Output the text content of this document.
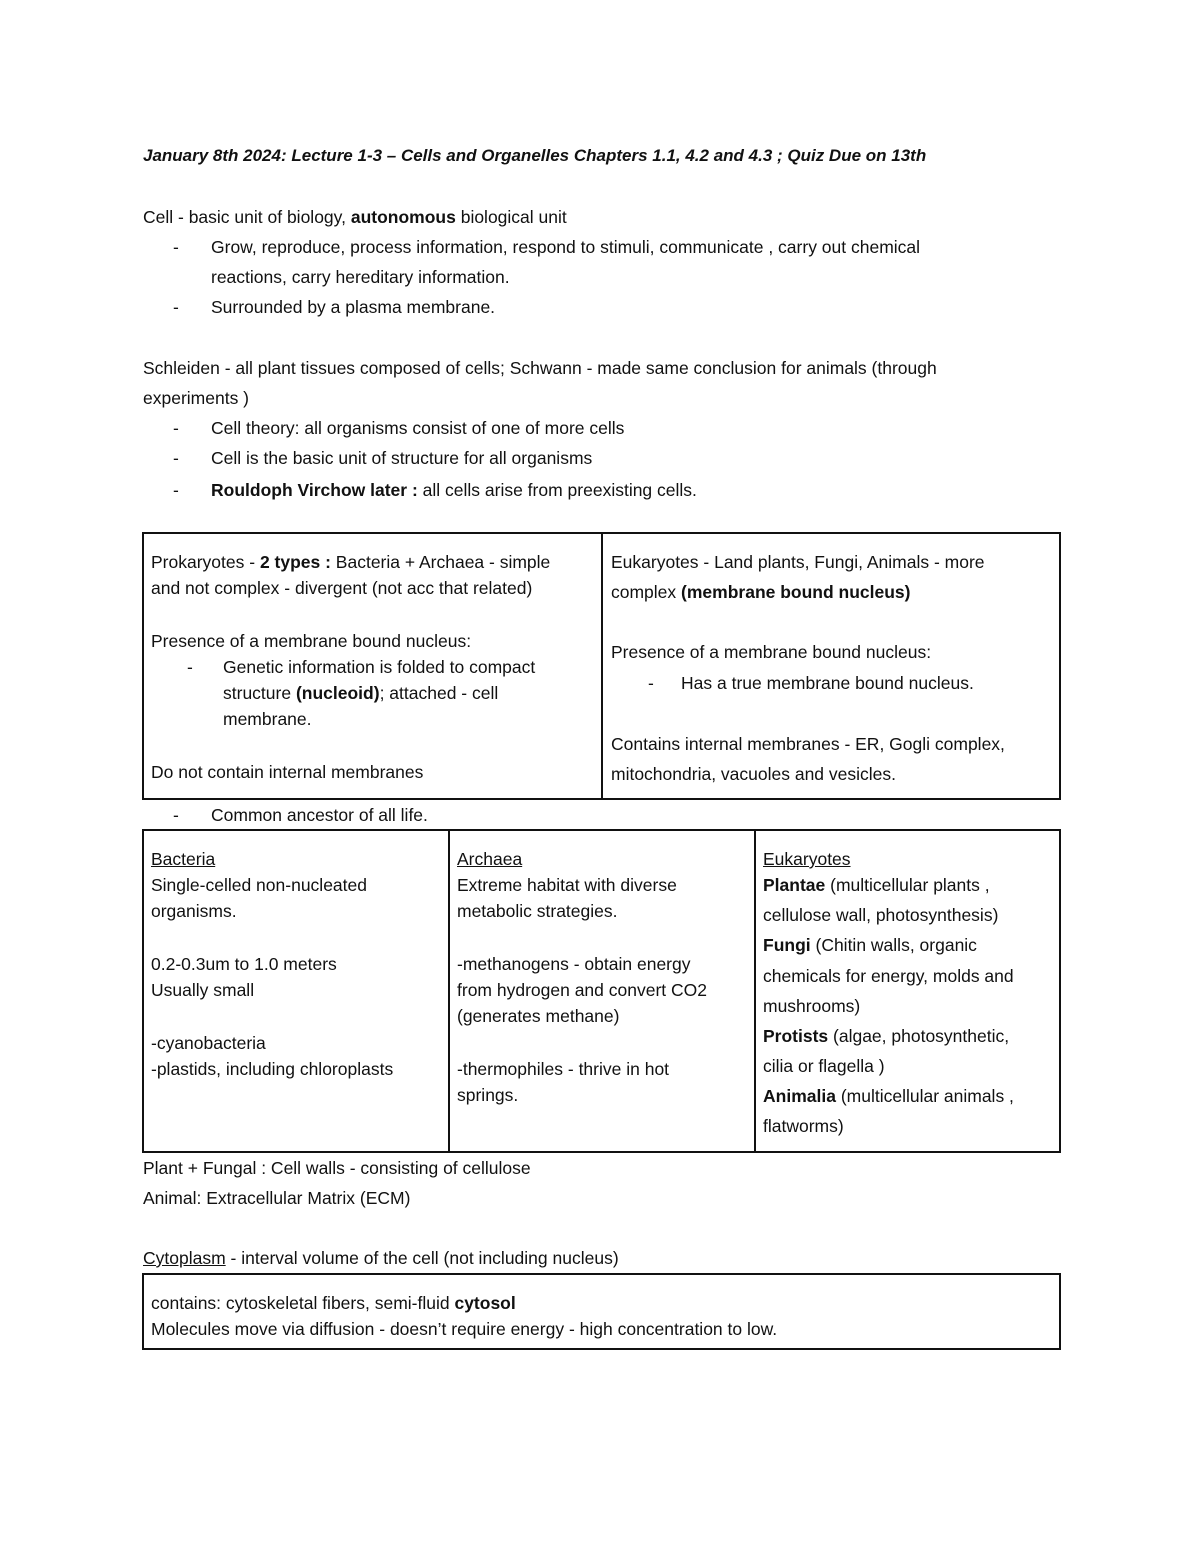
January 8th 2024: Lecture 1-3 – Cells and Organelles Chapters 1.1, 4.2 and 4.3 ; Quiz Due on 13th
Cell - basic unit of biology, autonomous biological unit
- Grow, reproduce, process information, respond to stimuli, communicate , carry out chemical
reactions, carry hereditary information.
- Surrounded by a plasma membrane.
Schleiden - all plant tissues composed of cells; Schwann - made same conclusion for animals (through
experiments )
- Cell theory: all organisms consist of one of more cells
- Cell is the basic unit of structure for all organisms
- Rouldoph Virchow later : all cells arise from preexisting cells.
Prokaryotes - 2 types : Bacteria + Archaea - simple
and not complex - divergent (not acc that related)
Presence of a membrane bound nucleus:
- Genetic information is folded to compact
structure (nucleoid); attached - cell
membrane.
Do not contain internal membranes
Eukaryotes - Land plants, Fungi, Animals - more
complex (membrane bound nucleus)
Presence of a membrane bound nucleus:
- Has a true membrane bound nucleus.
Contains internal membranes - ER, Gogli complex,
mitochondria, vacuoles and vesicles.
- Common ancestor of all life.
Bacteria
Single-celled non-nucleated
organisms.
0.2-0.3um to 1.0 meters
Usually small
-cyanobacteria
-plastids, including chloroplasts
Archaea
Extreme habitat with diverse
metabolic strategies.
-methanogens - obtain energy
from hydrogen and convert CO2
(generates methane)
-thermophiles - thrive in hot
springs.
Eukaryotes
Plantae (multicellular plants ,
cellulose wall, photosynthesis)
Fungi (Chitin walls, organic
chemicals for energy, molds and
mushrooms)
Protists (algae, photosynthetic,
cilia or flagella )
Animalia (multicellular animals ,
flatworms)
Plant + Fungal : Cell walls - consisting of cellulose
Animal: Extracellular Matrix (ECM)
Cytoplasm - interval volume of the cell (not including nucleus)
contains: cytoskeletal fibers, semi-fluid cytosol
Molecules move via diffusion - doesn’t require energy - high concentration to low.
